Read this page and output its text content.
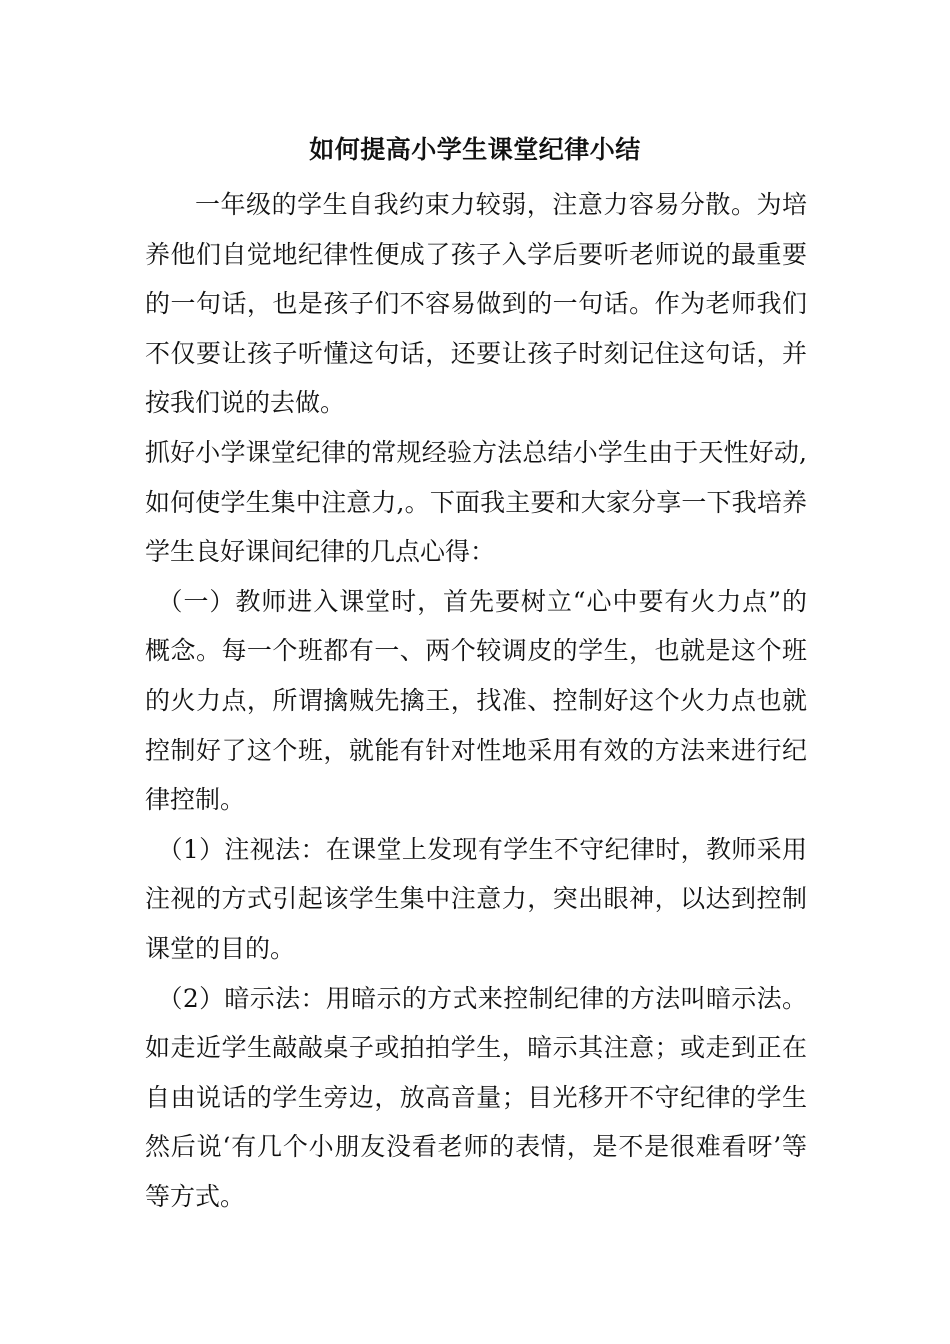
如何提高小学生课堂纪律小结

一年级的学生自我约束力较弱，注意力容易分散。为培养他们自觉地纪律性便成了孩子入学后要听老师说的最重要的一句话，也是孩子们不容易做到的一句话。作为老师我们不仅要让孩子听懂这句话，还要让孩子时刻记住这句话，并按我们说的去做。

抓好小学课堂纪律的常规经验方法总结小学生由于天性好动, 如何使学生集中注意力,。下面我主要和大家分享一下我培养学生良好课间纪律的几点心得：

（一）教师进入课堂时，首先要树立“心中要有火力点”的概念。每一个班都有一、两个较调皮的学生，也就是这个班的火力点，所谓擒贼先擒王，找准、控制好这个火力点也就控制好了这个班，就能有针对性地采用有效的方法来进行纪律控制。

（1）注视法：在课堂上发现有学生不守纪律时，教师采用注视的方式引起该学生集中注意力，突出眼神，以达到控制课堂的目的。

（2）暗示法：用暗示的方式来控制纪律的方法叫暗示法。如走近学生敲敲桌子或拍拍学生，暗示其注意；或走到正在自由说话的学生旁边，放高音量；目光移开不守纪律的学生然后说‘有几个小朋友没看老师的表情，是不是很难看呀’等等方式。
